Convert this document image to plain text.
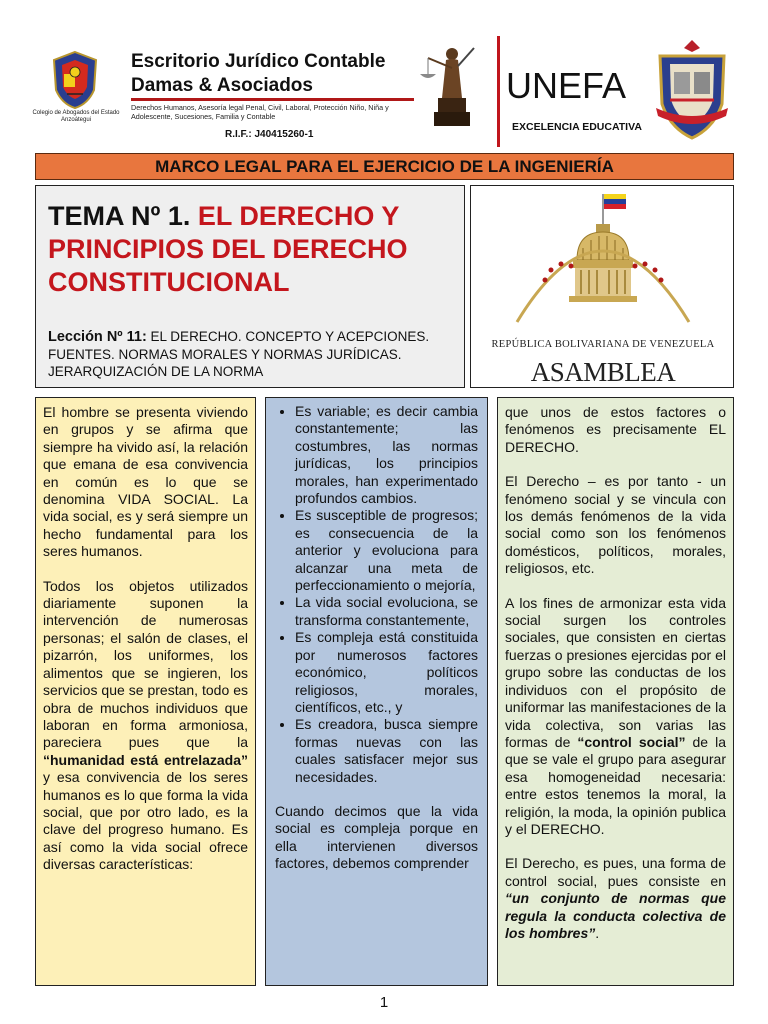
Colegio de Abogados del Estado Anzoátegui
Escritorio Jurídico Contable
Damas & Asociados
Derechos Humanos, Asesoría legal Penal, Civil, Laboral, Protección Niño, Niña y Adolescente, Sucesiones, Familia y Contable
R.I.F.: J40415260-1
UNEFA
EXCELENCIA EDUCATIVA
MARCO LEGAL PARA EL EJERCICIO DE LA INGENIERÍA
TEMA Nº 1. EL DERECHO Y PRINCIPIOS DEL DERECHO CONSTITUCIONAL
Lección Nº 11: EL DERECHO. CONCEPTO Y ACEPCIONES. FUENTES. NORMAS MORALES Y NORMAS JURÍDICAS. JERARQUIZACIÓN DE LA NORMA
REPÚBLICA BOLIVARIANA DE VENEZUELA
ASAMBLEA

El hombre se presenta viviendo en grupos y se afirma que siempre ha vivido así, la relación que emana de esa convivencia en común es lo que se denomina VIDA SOCIAL. La vida social, es y será siempre un hecho fundamental para los seres humanos.

Todos los objetos utilizados diariamente suponen la intervención de numerosas personas; el salón de clases, el pizarrón, los uniformes, los alimentos que se ingieren, los servicios que se prestan, todo es obra de muchos individuos que laboran en forma armoniosa, pareciera pues que la “humanidad está entrelazada” y esa convivencia de los seres humanos es lo que forma la vida social, que por otro lado, es la clave del progreso humano. Es así como la vida social ofrece diversas características:

• Es variable; es decir cambia constantemente; las costumbres, las normas jurídicas, los principios morales, han experimentado profundos cambios.
• Es susceptible de progresos; es consecuencia de la anterior y evoluciona para alcanzar una meta de perfeccionamiento o mejoría,
• La vida social evoluciona, se transforma constantemente,
• Es compleja está constituida por numerosos factores económico, políticos religiosos, morales, científicos, etc., y
• Es creadora, busca siempre formas nuevas con las cuales satisfacer mejor sus necesidades.

Cuando decimos que la vida social es compleja porque en ella intervienen diversos factores, debemos comprender

que unos de estos factores o fenómenos es precisamente EL DERECHO.

El Derecho – es por tanto - un fenómeno social y se vincula con los demás fenómenos de la vida social como son los fenómenos domésticos, políticos, morales, religiosos, etc.

A los fines de armonizar esta vida social surgen los controles sociales, que consisten en ciertas fuerzas o presiones ejercidas por el grupo sobre las conductas de los individuos con el propósito de uniformar las manifestaciones de la vida colectiva, son varias las formas de “control social” de la que se vale el grupo para asegurar esa homogeneidad necesaria: entre estos tenemos la moral, la religión, la moda, la opinión publica y el DERECHO.

El Derecho, es pues, una forma de control social, pues consiste en “un conjunto de normas que regula la conducta colectiva de los hombres”.

1
